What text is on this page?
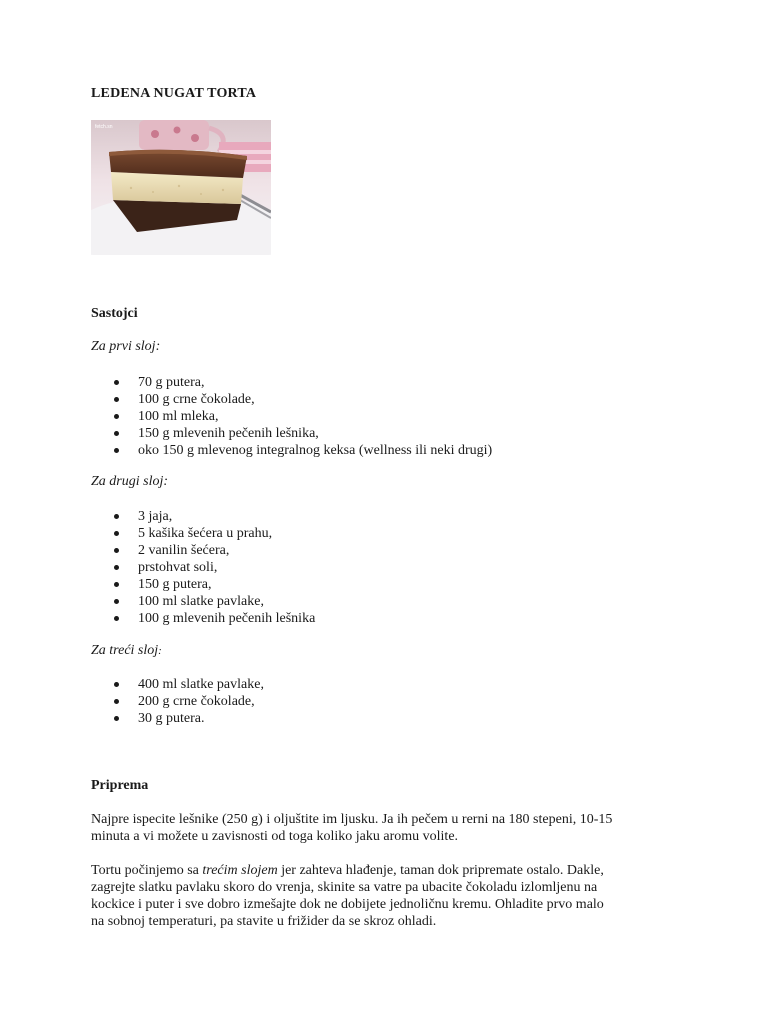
LEDENA NUGAT TORTA
fetch.sn
Sastojci
Za prvi sloj:
70 g putera,
100 g crne čokolade,
100 ml mleka,
150 g mlevenih pečenih lešnika,
oko 150 g mlevenog integralnog keksa (wellness ili neki drugi)
Za drugi sloj:
3 jaja,
5 kašika šećera u prahu,
2 vanilin šećera,
prstohvat soli,
150 g putera,
100 ml slatke pavlake,
100 g mlevenih pečenih lešnika
Za treći sloj:
400 ml slatke pavlake,
200 g crne čokolade,
30 g putera.
Priprema

Najpre ispecite lešnike (250 g) i oljuštite im ljusku. Ja ih pečem u rerni na 180 stepeni, 10-15
minuta a vi možete u zavisnosti od toga koliko jaku aromu volite.

Tortu počinjemo sa trećim slojem jer zahteva hlađenje, taman dok pripremate ostalo. Dakle,
zagrejte slatku pavlaku skoro do vrenja, skinite sa vatre pa ubacite čokoladu izlomljenu na
kockice i puter i sve dobro izmešajte dok ne dobijete jednoličnu kremu. Ohladite prvo malo
na sobnoj temperaturi, pa stavite u frižider da se skroz ohladi.
